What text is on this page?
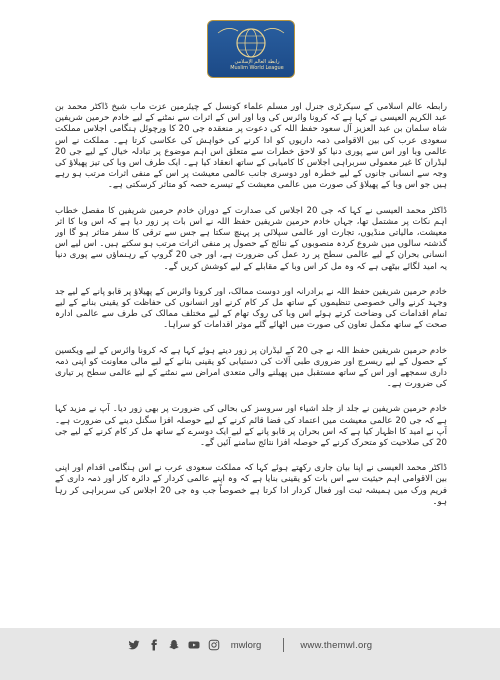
رابطة العالم الإسلامي
Muslim World League

رابطہ عالم اسلامی کے سیکرٹری جنرل اور مسلم علماء کونسل کے چیئرمین عزت مآب شیخ ڈاکٹر محمد بن عبد الکریم العیسی نے کہا ہے کہ کرونا وائرس کی وبا اور اس کے اثرات سے نمٹنے کے لیے خادم حرمین شریفین شاہ سلمان بن عبد العزیز آل سعود حفظ اللہ کی دعوت پر منعقدہ جی 20 کا ورچوئل ہنگامی اجلاس مملکت سعودی عرب کی بین الاقوامی ذمہ داریوں کو ادا کرنے کی خواہش کی عکاسی کرتا ہے۔ مملکت نے اس عالمی وبا اور اس سے پوری دنیا کو لاحق خطرات سے متعلق اس اہم موضوع پر تبادلہ خیال کے لیے جی 20 لیڈران کا غیر معمولی سربراہی اجلاس کا کامیابی کے ساتھ انعقاد کیا ہے۔ ایک طرف اس وبا کی تیز پھیلاؤ کی وجہ سے انسانی جانوں کے لیے خطرہ اور دوسری جانب عالمی معیشت پر اس کے منفی اثرات مرتب ہو رہے ہیں جو اس وبا کے پھیلاؤ کی صورت میں عالمی معیشت کے تیسرے حصہ کو متاثر کرسکتی ہے۔

ڈاکٹر محمد العیسی نے کہا کہ جی 20 اجلاس کی صدارت کے دوران خادم حرمین شریفین کا مفصل خطاب اہم نکات پر مشتمل تھا، جہاں خادم حرمین شریفین حفظ اللہ نے اس بات پر زور دیا ہے کہ اس وبا کا اثر معیشت، مالیاتی منڈیوں، تجارت اور عالمی سپلائی پر پہنچ سکتا ہے جس سے ترقی کا سفر متاثر ہو گا اور گذشتہ سالوں میں شروع کردہ منصوبوں کے نتائج کے حصول پر منفی اثرات مرتب ہو سکتے ہیں۔ اس لیے اس انسانی بحران کے لیے عالمی سطح پر رد عمل کی ضرورت ہے، اور جی 20 گروپ کے رہنماؤں سے پوری دنیا یہ امید لگائے بیٹھی ہے کہ وہ مل کر اس وبا کے مقابلے کے لیے کوشش کریں گے۔

خادم حرمین شریفین حفظ اللہ نے برادرانہ اور دوست ممالک، اور کرونا وائرس کے پھیلاؤ پر قابو پانے کے لیے جد وجہد کرنے والی خصوصی تنظیموں کے ساتھ مل کر کام کرنے اور انسانوں کی حفاظت کو یقینی بنانے کے لیے تمام اقدامات کی وضاحت کرتے ہوئے اس وبا کی روک تھام کے لیے مختلف ممالک کی طرف سے عالمی ادارہ صحت کے ساتھ مکمل تعاون کی صورت میں اٹھائے گئے موثر اقدامات کو سراہا۔

خادم حرمین شریفین حفظ اللہ نے جی 20 کے لیڈران پر زور دیتے ہوئے کہا ہے کہ کرونا وائرس کے لیے ویکسین کے حصول کے لیے ریسرچ اور ضروری طبی آلات کی دستیابی کو یقینی بنانے کے لیے مالی معاونت کو اپنی ذمہ داری سمجھے اور اس کے ساتھ مستقبل میں پھیلنے والی متعدی امراض سے نمٹنے کے لیے عالمی سطح پر تیاری کی ضرورت ہے۔

خادم حرمین شریفین نے جلد از جلد اشیاء اور سروسز کی بحالی کی ضرورت پر بھی زور دیا۔ آپ نے مزید کہا ہے کہ جی 20 عالمی معیشت میں اعتماد کی فضا قائم کرنے کے لیے حوصلہ افزا سگنل دینے کی ضرورت ہے۔ آپ نے امید کا اظہار کیا ہے کہ اس بحران پر قابو پانے کے لیے ایک دوسرے کے ساتھ مل کر کام کرنے کے لیے جی 20 کی صلاحیت کو متحرک کرنے کے حوصلہ افزا نتائج سامنے آئیں گے۔

ڈاکٹر محمد العیسی نے اپنا بیان جاری رکھتے ہوئے کہا کہ مملکت سعودی عرب نے اس ہنگامی اقدام اور اپنی بین الاقوامی اہم حیثیت سے اس بات کو یقینی بنایا ہے کہ وہ اپنے عالمی کردار کے دائرہ کار اور ذمہ داری کے فریم ورک میں ہمیشہ ثبت اور فعال کردار ادا کرتا ہے خصوصاً جب وہ جی 20 اجلاس کی سربراہی کر رہا ہو۔

mwlorg	www.themwl.org
